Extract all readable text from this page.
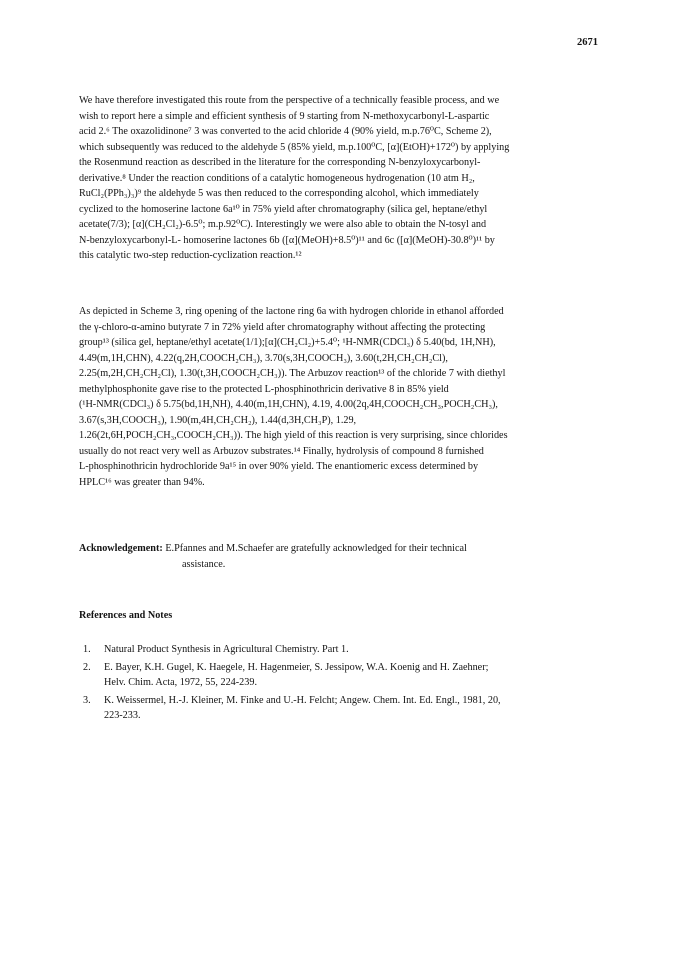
2671

We have therefore investigated this route from the perspective of a technically feasible process, and we
wish to report here a simple and efficient synthesis of 9 starting from N-methoxycarbonyl-L-aspartic
acid 2.⁶ The oxazolidinone⁷ 3 was converted to the acid chloride 4 (90% yield, m.p.76⁰C, Scheme 2),
which subsequently was reduced to the aldehyde 5 (85% yield, m.p.100⁰C, [α](EtOH)+172⁰) by applying
the Rosenmund reaction as described in the literature for the corresponding N-benzyloxycarbonyl-
derivative.⁸ Under the reaction conditions of a catalytic homogeneous hydrogenation (10 atm H₂,
RuCl₂(PPh₃)₃)⁹ the aldehyde 5 was then reduced to the corresponding alcohol, which immediately
cyclized to the homoserine lactone 6a¹⁰ in 75% yield after chromatography (silica gel, heptane/ethyl
acetate(7/3); [α](CH₂Cl₂)-6.5⁰; m.p.92⁰C). Interestingly we were also able to obtain the N-tosyl and
N-benzyloxycarbonyl-L- homoserine lactones 6b ([α](MeOH)+8.5⁰)¹¹ and 6c ([α](MeOH)-30.8⁰)¹¹ by
this catalytic two-step reduction-cyclization reaction.¹²

As depicted in Scheme 3, ring opening of the lactone ring 6a with hydrogen chloride in ethanol afforded
the γ-chloro-α-amino butyrate 7 in 72% yield after chromatography without affecting the protecting
group¹³ (silica gel, heptane/ethyl acetate(1/1);[α](CH₂Cl₂)+5.4⁰; ¹H-NMR(CDCl₃) δ 5.40(bd, 1H,NH),
4.49(m,1H,CHN), 4.22(q,2H,COOCH₂CH₃), 3.70(s,3H,COOCH₃), 3.60(t,2H,CH₂CH₂Cl),
2.25(m,2H,CH₂CH₂Cl), 1.30(t,3H,COOCH₂CH₃)). The Arbuzov reaction¹³ of the chloride 7 with diethyl
methylphosphonite gave rise to the protected L-phosphinothricin derivative 8 in 85% yield
(¹H-NMR(CDCl₃) δ 5.75(bd,1H,NH), 4.40(m,1H,CHN), 4.19, 4.00(2q,4H,COOCH₂CH₃,POCH₂CH₃),
3.67(s,3H,COOCH₃), 1.90(m,4H,CH₂CH₂), 1.44(d,3H,CH₃P), 1.29,
1.26(2t,6H,POCH₂CH₃,COOCH₂CH₃)). The high yield of this reaction is very surprising, since chlorides
usually do not react very well as Arbuzov substrates.¹⁴ Finally, hydrolysis of compound 8 furnished
L-phosphinothricin hydrochloride 9a¹⁵ in over 90% yield. The enantiomeric excess determined by
HPLC¹⁶ was greater than 94%.

Acknowledgement: E.Pfannes and M.Schaefer are gratefully acknowledged for their technical
assistance.

References and Notes
1. Natural Product Synthesis in Agricultural Chemistry. Part 1.
2. E. Bayer, K.H. Gugel, K. Haegele, H. Hagenmeier, S. Jessipow, W.A. Koenig and H. Zaehner;
Helv. Chim. Acta, 1972, 55, 224-239.
3. K. Weissermel, H.-J. Kleiner, M. Finke and U.-H. Felcht; Angew. Chem. Int. Ed. Engl., 1981, 20,
223-233.
